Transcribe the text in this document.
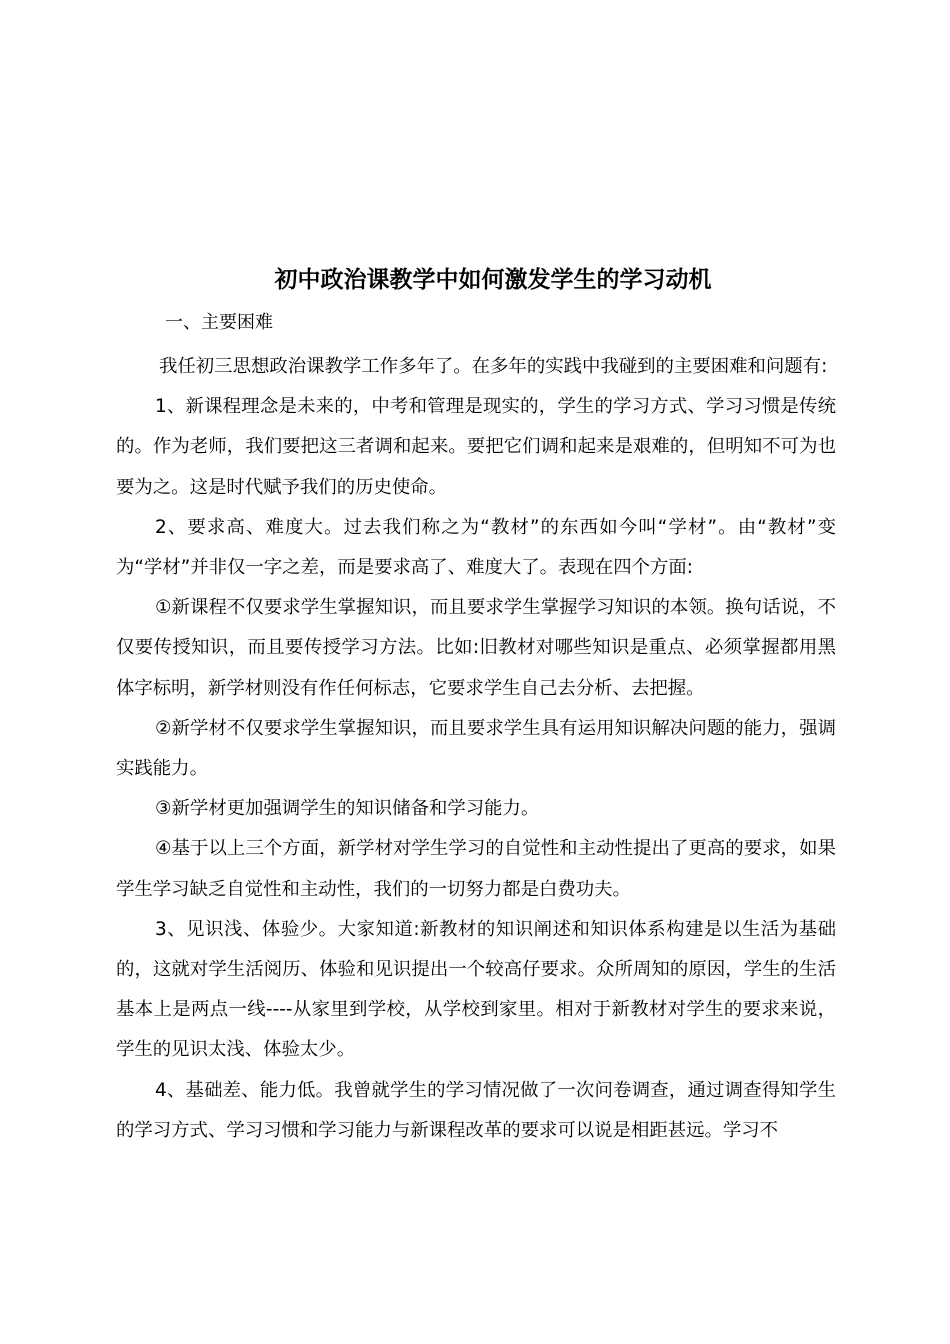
初中政治课教学中如何激发学生的学习动机
一、主要困难

我任初三思想政治课教学工作多年了。在多年的实践中我碰到的主要困难和问题有:

1、新课程理念是未来的，中考和管理是现实的，学生的学习方式、学习习惯是传统的。作为老师，我们要把这三者调和起来。要把它们调和起来是艰难的，但明知不可为也要为之。这是时代赋予我们的历史使命。

2、要求高、难度大。过去我们称之为“教材”的东西如今叫“学材”。由“教材”变为“学材”并非仅一字之差，而是要求高了、难度大了。表现在四个方面:

①新课程不仅要求学生掌握知识，而且要求学生掌握学习知识的本领。换句话说，不仅要传授知识，而且要传授学习方法。比如:旧教材对哪些知识是重点、必须掌握都用黑体字标明，新学材则没有作任何标志，它要求学生自己去分析、去把握。

②新学材不仅要求学生掌握知识，而且要求学生具有运用知识解决问题的能力，强调实践能力。

③新学材更加强调学生的知识储备和学习能力。

④基于以上三个方面，新学材对学生学习的自觉性和主动性提出了更高的要求，如果学生学习缺乏自觉性和主动性，我们的一切努力都是白费功夫。

3、见识浅、体验少。大家知道:新教材的知识阐述和知识体系构建是以生活为基础的，这就对学生活阅历、体验和见识提出一个较高仔要求。众所周知的原因，学生的生活基本上是两点一线----从家里到学校，从学校到家里。相对于新教材对学生的要求来说，学生的见识太浅、体验太少。

4、基础差、能力低。我曾就学生的学习情况做了一次问卷调查，通过调查得知学生的学习方式、学习习惯和学习能力与新课程改革的要求可以说是相距甚远。学习不
